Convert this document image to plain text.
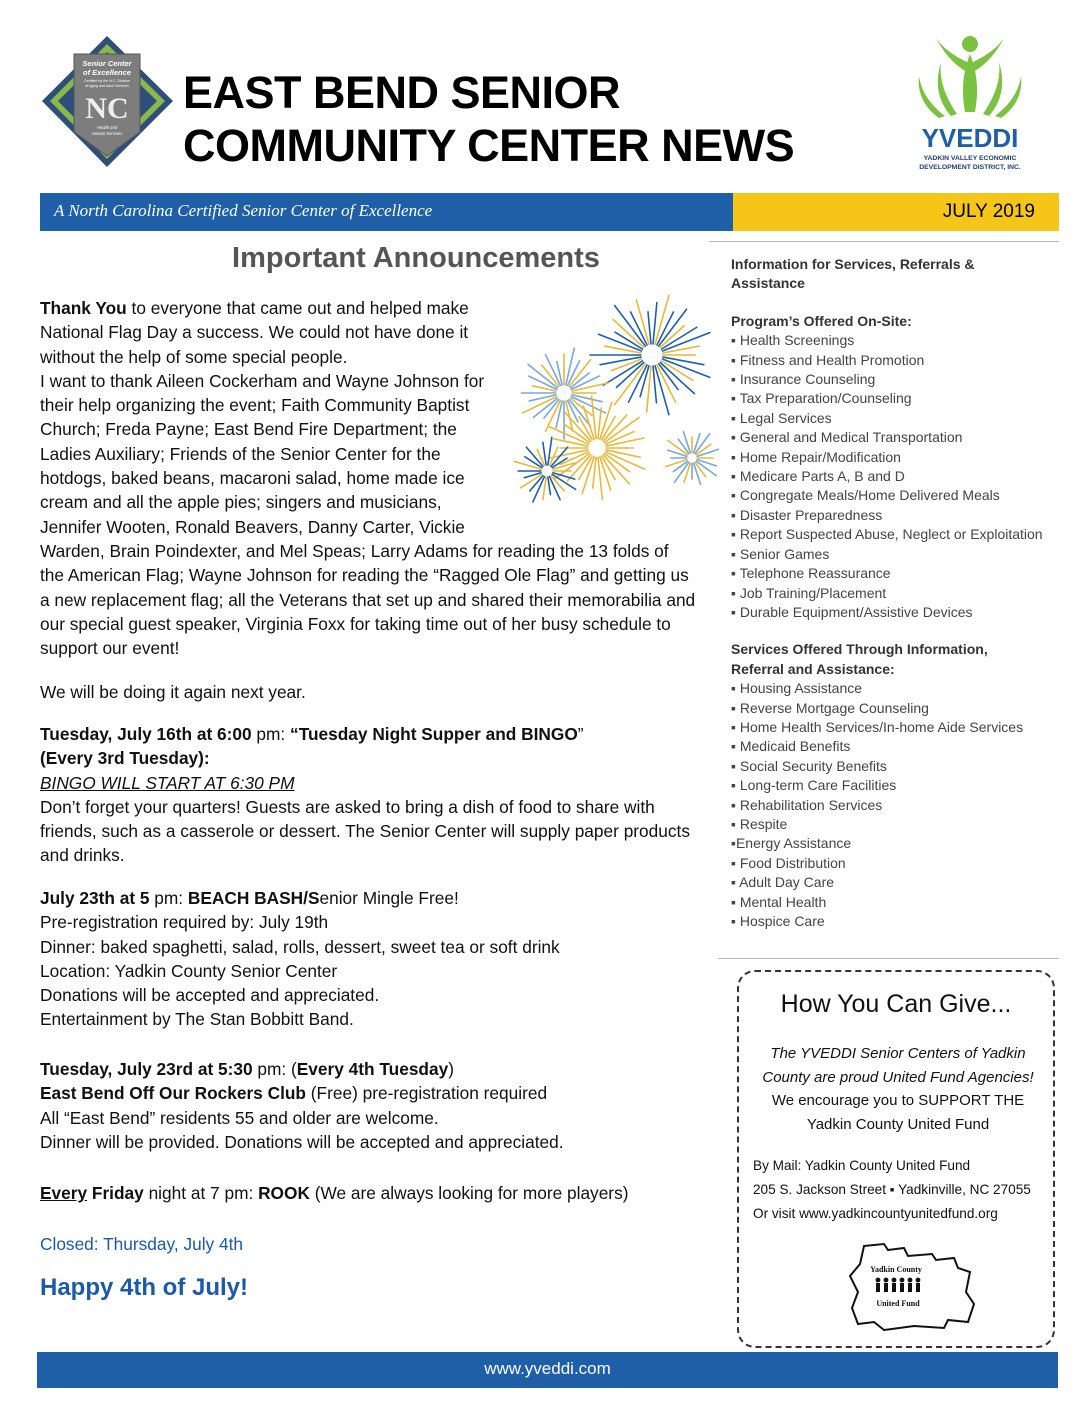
Senior Center
of Excellence
Certified by the N.C. Division
of Aging and Adult Services
NC
Health and
Human Services
EAST BEND SENIOR
COMMUNITY CENTER NEWS	YVEDDI
YADKIN VALLEY ECONOMIC
DEVELOPMENT DISTRICT, INC.
A North Carolina Certified Senior Center of Excellence	JULY 2019
Important Announcements
Thank You to everyone that came out and helped make
National Flag Day a success. We could not have done it
without the help of some special people.
I want to thank Aileen Cockerham and Wayne Johnson for
their help organizing the event; Faith Community Baptist
Church; Freda Payne; East Bend Fire Department; the
Ladies Auxiliary; Friends of the Senior Center for the
hotdogs, baked beans, macaroni salad, home made ice
cream and all the apple pies; singers and musicians,
Jennifer Wooten, Ronald Beavers, Danny Carter, Vickie
Warden, Brain Poindexter, and Mel Speas; Larry Adams for reading the 13 folds of
the American Flag; Wayne Johnson for reading the “Ragged Ole Flag” and getting us
a new replacement flag; all the Veterans that set up and shared their memorabilia and
our special guest speaker, Virginia Foxx for taking time out of her busy schedule to
support our event!
We will be doing it again next year.

Tuesday, July 16th at 6:00 pm: “Tuesday Night Supper and BINGO”

(Every 3rd Tuesday):

BINGO WILL START AT 6:30 PM

Don’t forget your quarters! Guests are asked to bring a dish of food to share with

friends, such as a casserole or dessert. The Senior Center will supply paper products

and drinks.

July 23th at 5 pm: BEACH BASH/Senior Mingle Free!

Pre-registration required by: July 19th

Dinner: baked spaghetti, salad, rolls, dessert, sweet tea or soft drink

Location: Yadkin County Senior Center

Donations will be accepted and appreciated.

Entertainment by The Stan Bobbitt Band.

Tuesday, July 23rd at 5:30 pm: (Every 4th Tuesday)

East Bend Off Our Rockers Club (Free) pre-registration required

All “East Bend” residents 55 and older are welcome.

Dinner will be provided. Donations will be accepted and appreciated.

Every Friday night at 7 pm: ROOK (We are always looking for more players)
Closed: Thursday, July 4th
Happy 4th of July!
Information for Services, Referrals &
Assistance
Program’s Offered On-Site:
▪ Health Screenings
▪ Fitness and Health Promotion
▪ Insurance Counseling
▪ Tax Preparation/Counseling
▪ Legal Services
▪ General and Medical Transportation
▪ Home Repair/Modification
▪ Medicare Parts A, B and D
▪ Congregate Meals/Home Delivered Meals
▪ Disaster Preparedness
▪ Report Suspected Abuse, Neglect or Exploitation
▪ Senior Games
▪ Telephone Reassurance
▪ Job Training/Placement
▪ Durable Equipment/Assistive Devices
Services Offered Through Information,
Referral and Assistance:
▪ Housing Assistance
▪ Reverse Mortgage Counseling
▪ Home Health Services/In-home Aide Services
▪ Medicaid Benefits
▪ Social Security Benefits
▪ Long-term Care Facilities
▪ Rehabilitation Services
▪ Respite
▪Energy Assistance
▪ Food Distribution
▪ Adult Day Care
▪ Mental Health
▪ Hospice Care
How You Can Give...
The YVEDDI Senior Centers of Yadkin
County are proud United Fund Agencies!
We encourage you to SUPPORT THE
Yadkin County United Fund
By Mail: Yadkin County United Fund
205 S. Jackson Street ▪ Yadkinville, NC 27055
Or visit www.yadkincountyunitedfund.org
Yadkin County
United Fund
www.yveddi.com
